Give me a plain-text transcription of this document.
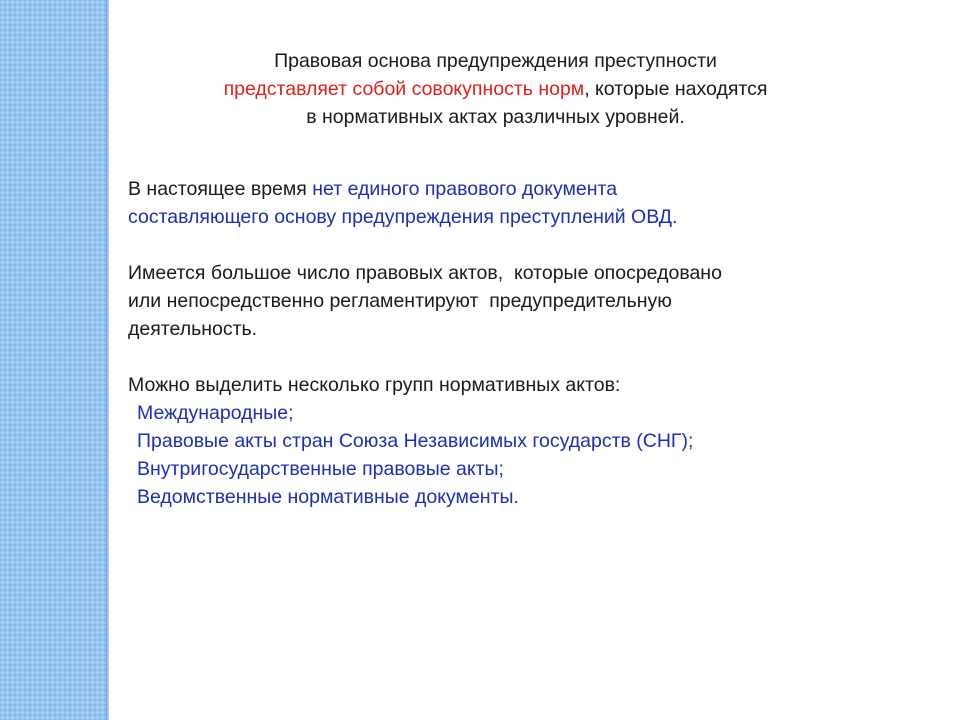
Правовая основа предупреждения преступности

представляет собой совокупность норм, которые находятся

в нормативных актах различных уровней.

В настоящее время нет единого правового документа

составляющего основу предупреждения преступлений ОВД.

Имеется большое число правовых актов,  которые опосредовано

или непосредственно регламентируют  предупредительную

деятельность.

Можно выделить несколько групп нормативных актов:

Международные;
Правовые акты стран Союза Независимых государств (СНГ);
Внутригосударственные правовые акты;
Ведомственные нормативные документы.
